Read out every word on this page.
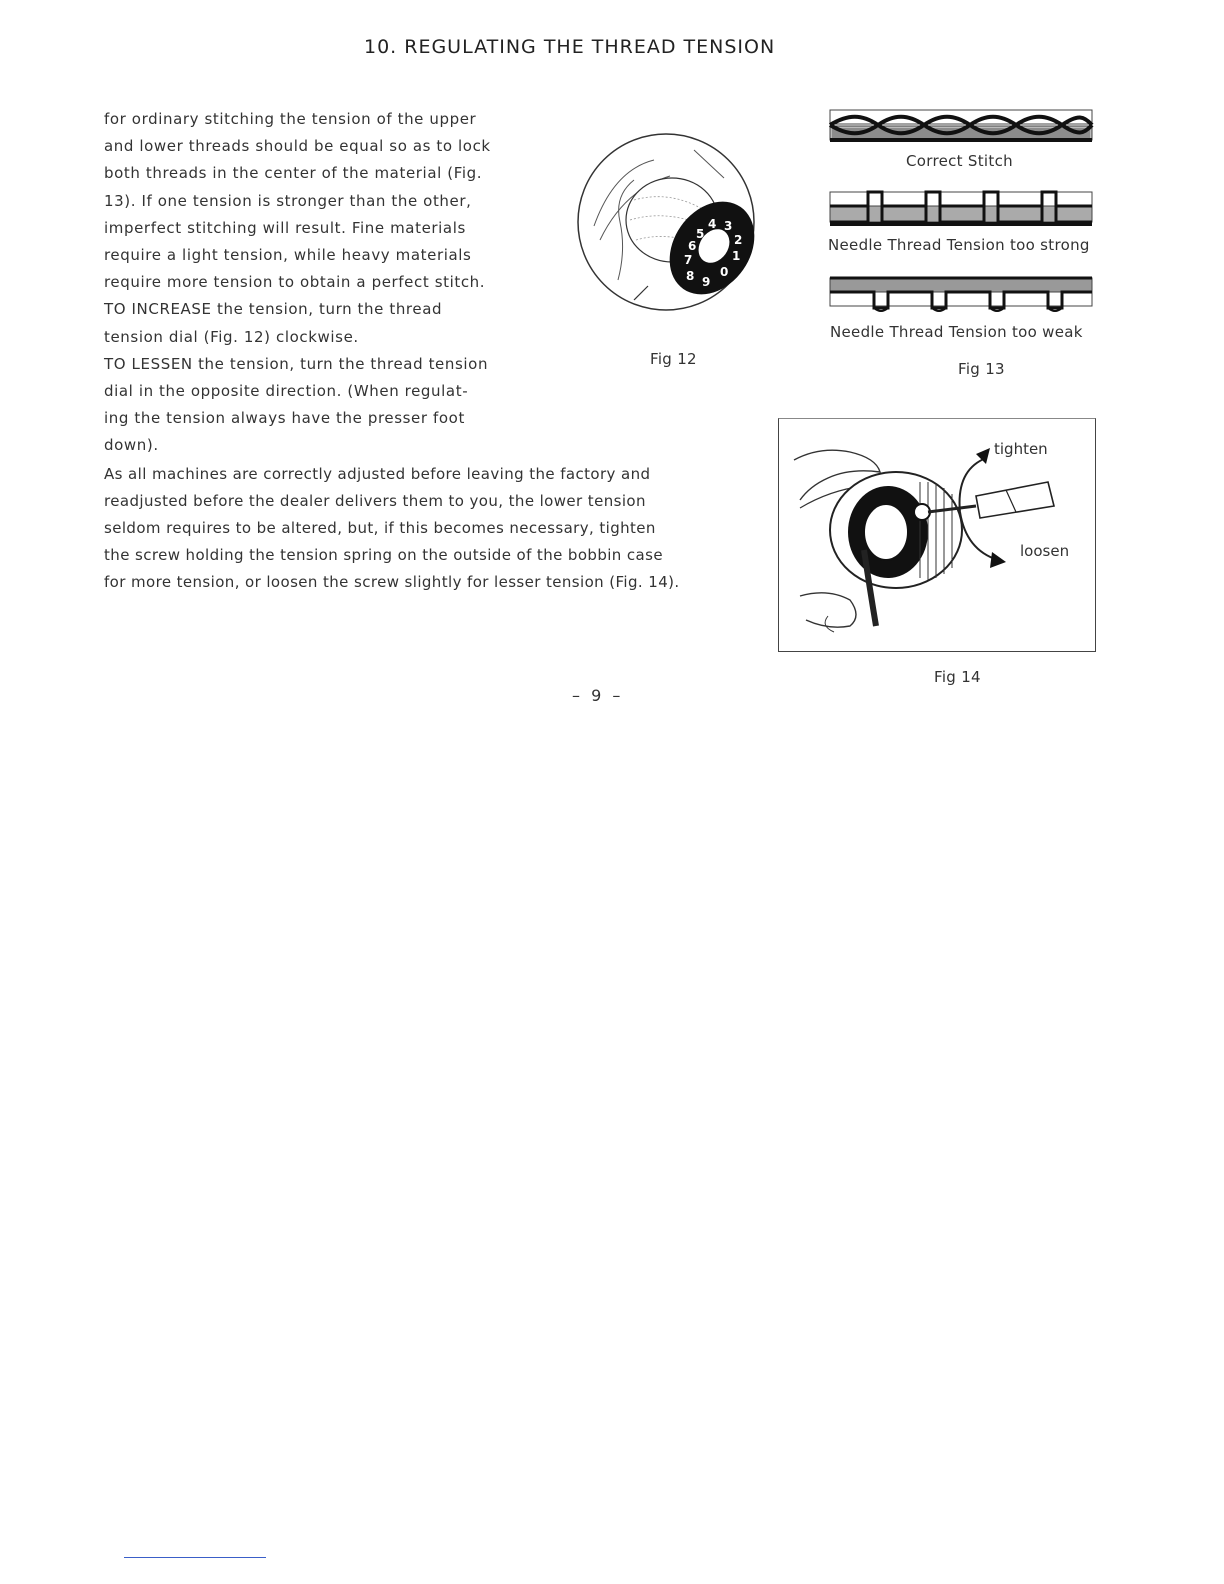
10. REGULATING THE THREAD TENSION
for ordinary stitching the tension of the upper
and lower threads should be equal so as to lock
both threads in the center of the material (Fig.
13). If one tension is stronger than the other,
imperfect stitching will result. Fine materials
require a light tension, while heavy materials
require more tension to obtain a perfect stitch.
TO INCREASE the tension, turn the thread
tension dial (Fig. 12) clockwise.
TO LESSEN the tension, turn the thread tension
dial in the opposite direction. (When regulat-
ing the tension always have the presser foot
down).
As all machines are correctly adjusted before leaving the factory and
readjusted before the dealer delivers them to you, the lower tension
seldom requires to be altered, but, if this becomes necessary, tighten
the screw holding the tension spring on the outside of the bobbin case
for more tension, or loosen the screw slightly for lesser tension (Fig. 14).
8
7
6
5
4 3
2
1
0
9
Fig 12
Correct Stitch
Needle Thread Tension too strong
Needle Thread Tension too weak
Fig 13
tighten
loosen
Fig 14
– 9 –
